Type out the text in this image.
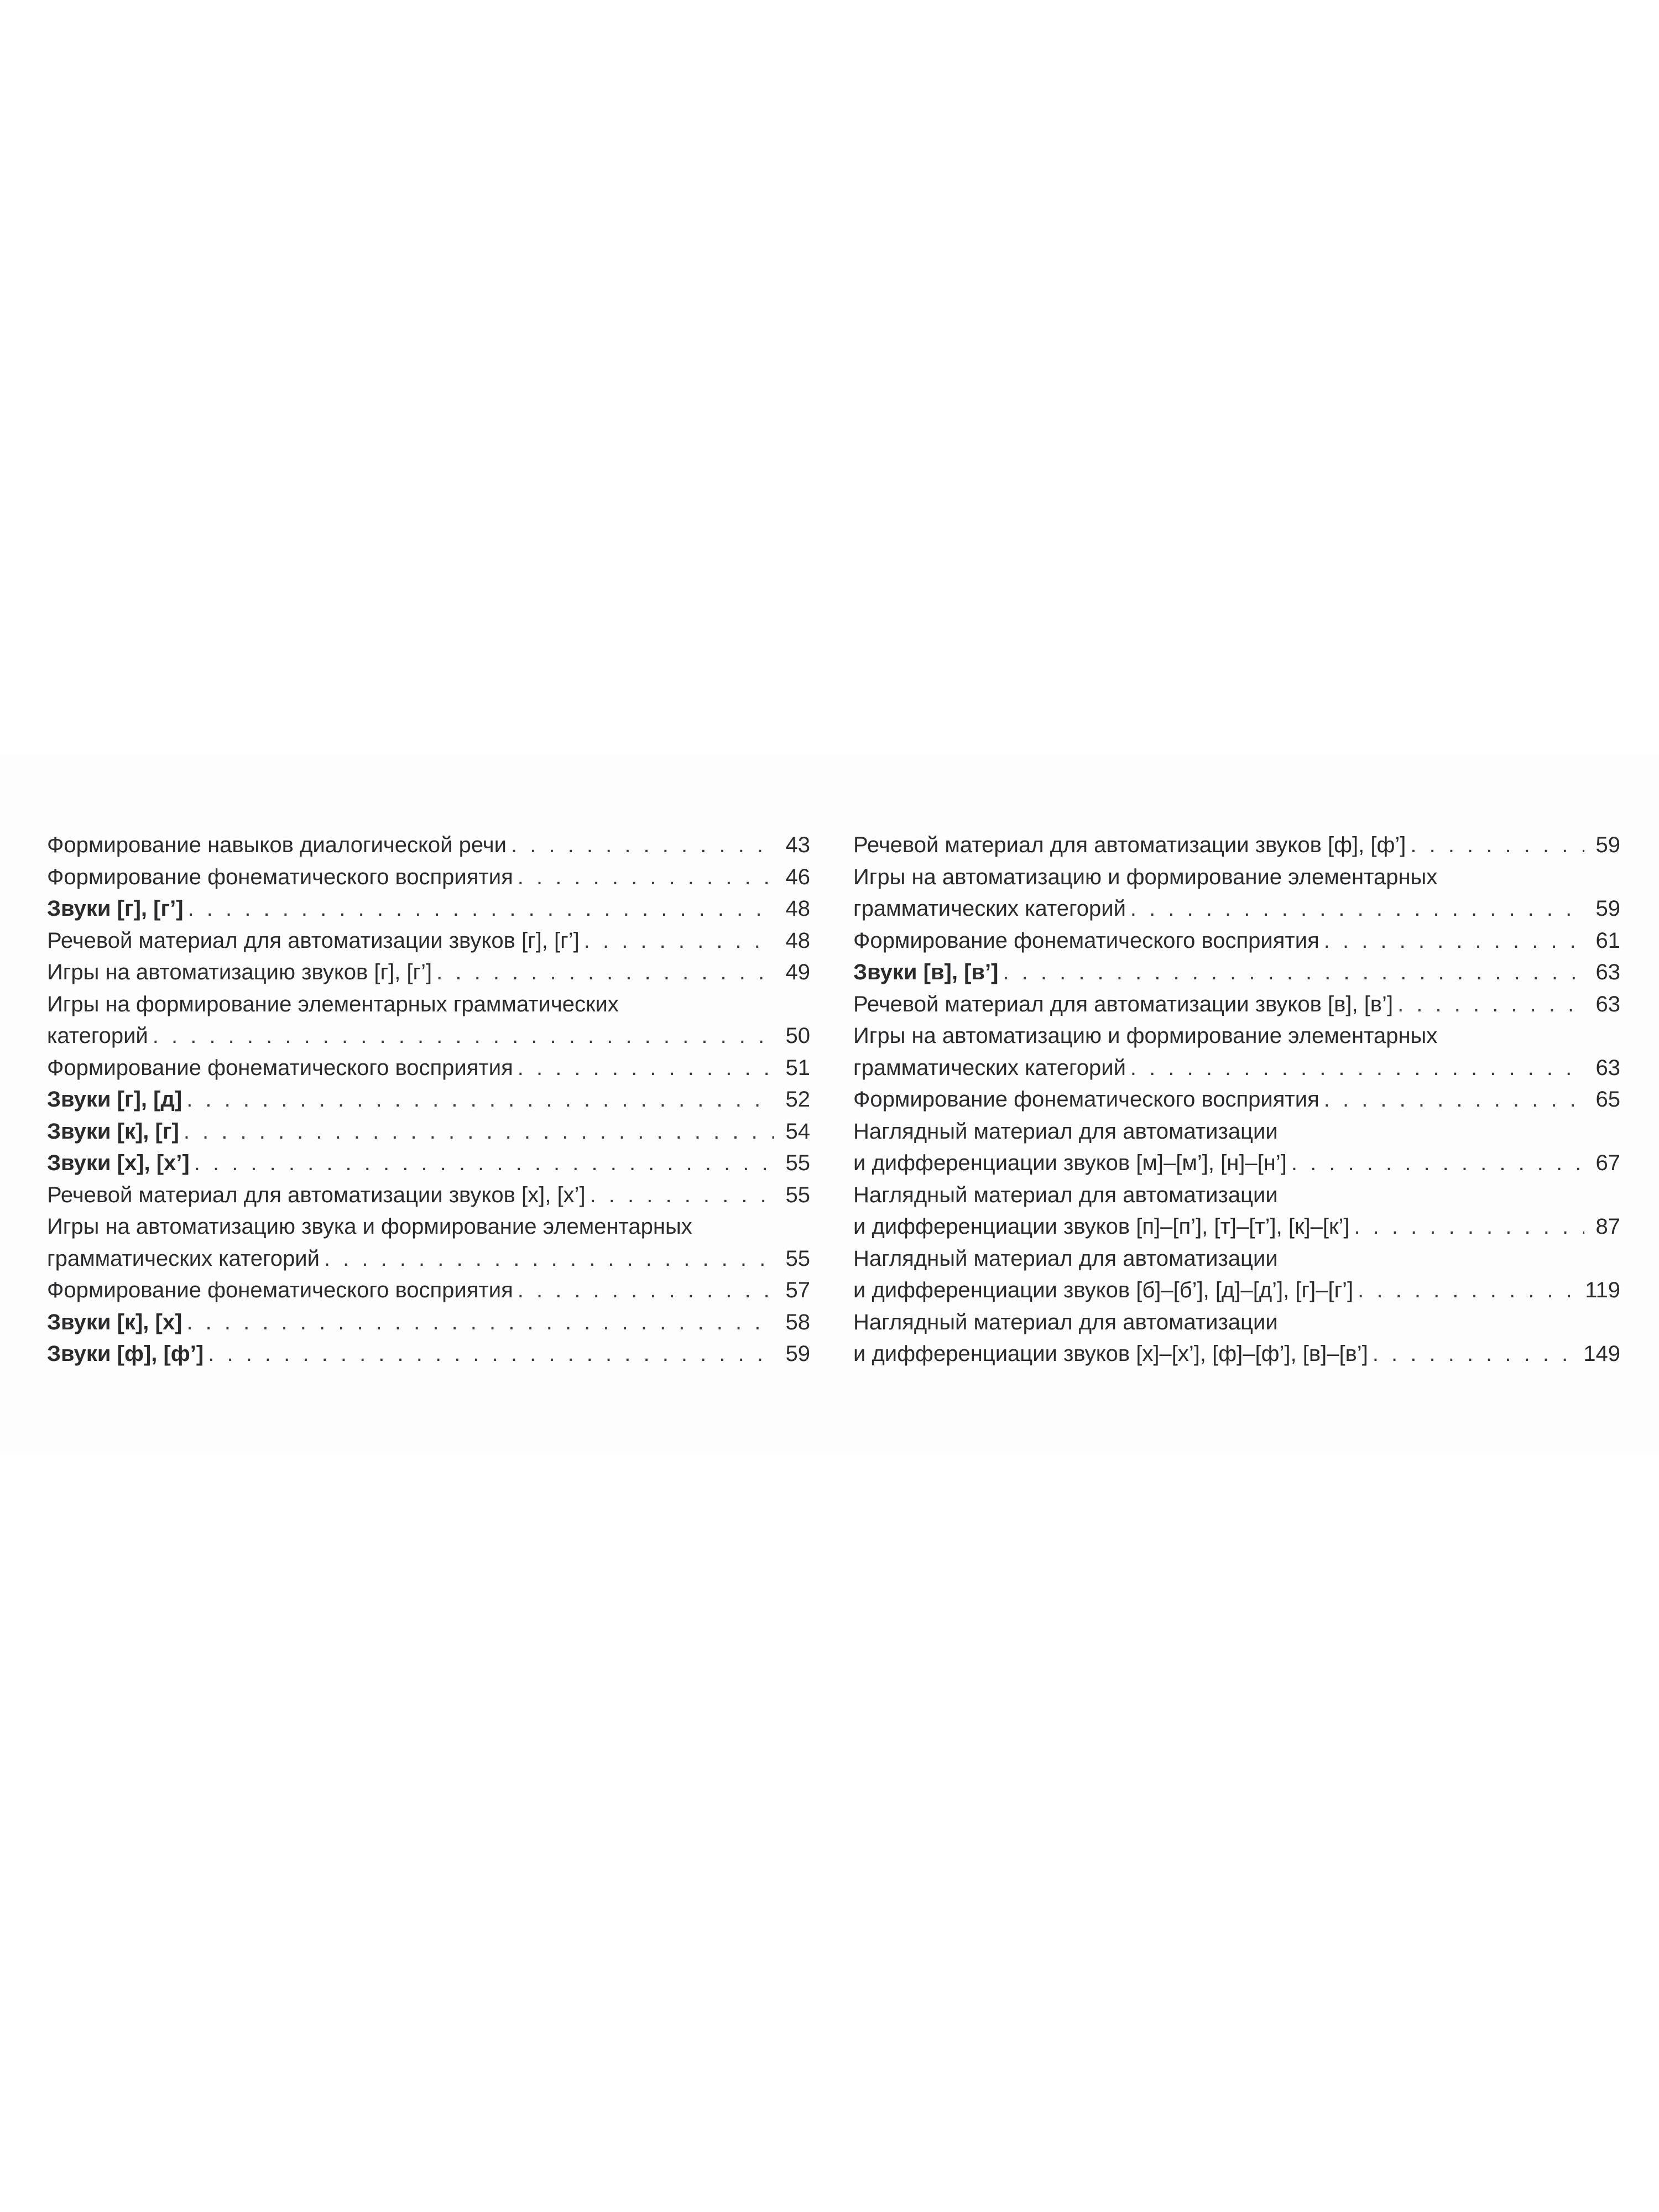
Формирование навыков диалогической речи . . .	43
Формирование фонематического восприятия . . .	46
Звуки [г], [г’] . . .	48
Речевой материал для автоматизации звуков [г], [г’] . . .	48
Игры на автоматизацию звуков [г], [г’] . . .	49
Игры на формирование элементарных грамматических
категорий . . .	50
Формирование фонематического восприятия . . .	51
Звуки [г], [д] . . .	52
Звуки [к], [г] . . .	54
Звуки [х], [х’] . . .	55
Речевой материал для автоматизации звуков [х], [х’] . . .	55
Игры на автоматизацию звука и формирование элементарных
грамматических категорий . . .	55
Формирование фонематического восприятия . . .	57
Звуки [к], [х] . . .	58
Звуки [ф], [ф’] . . .	59
Речевой материал для автоматизации звуков [ф], [ф’] . . .	59
Игры на автоматизацию и формирование элементарных
грамматических категорий . . .	59
Формирование фонематического восприятия . . .	61
Звуки [в], [в’] . . .	63
Речевой материал для автоматизации звуков [в], [в’] . . .	63
Игры на автоматизацию и формирование элементарных
грамматических категорий . . .	63
Формирование фонематического восприятия . . .	65
Наглядный материал для автоматизации
и дифференциации звуков [м]–[м’], [н]–[н’] . . .	67
Наглядный материал для автоматизации
и дифференциации звуков [п]–[п’], [т]–[т’], [к]–[к’] . . .	87
Наглядный материал для автоматизации
и дифференциации звуков [б]–[б’], [д]–[д’], [г]–[г’] . . .	119
Наглядный материал для автоматизации
и дифференциации звуков [х]–[х’], [ф]–[ф’], [в]–[в’] . . .	149
